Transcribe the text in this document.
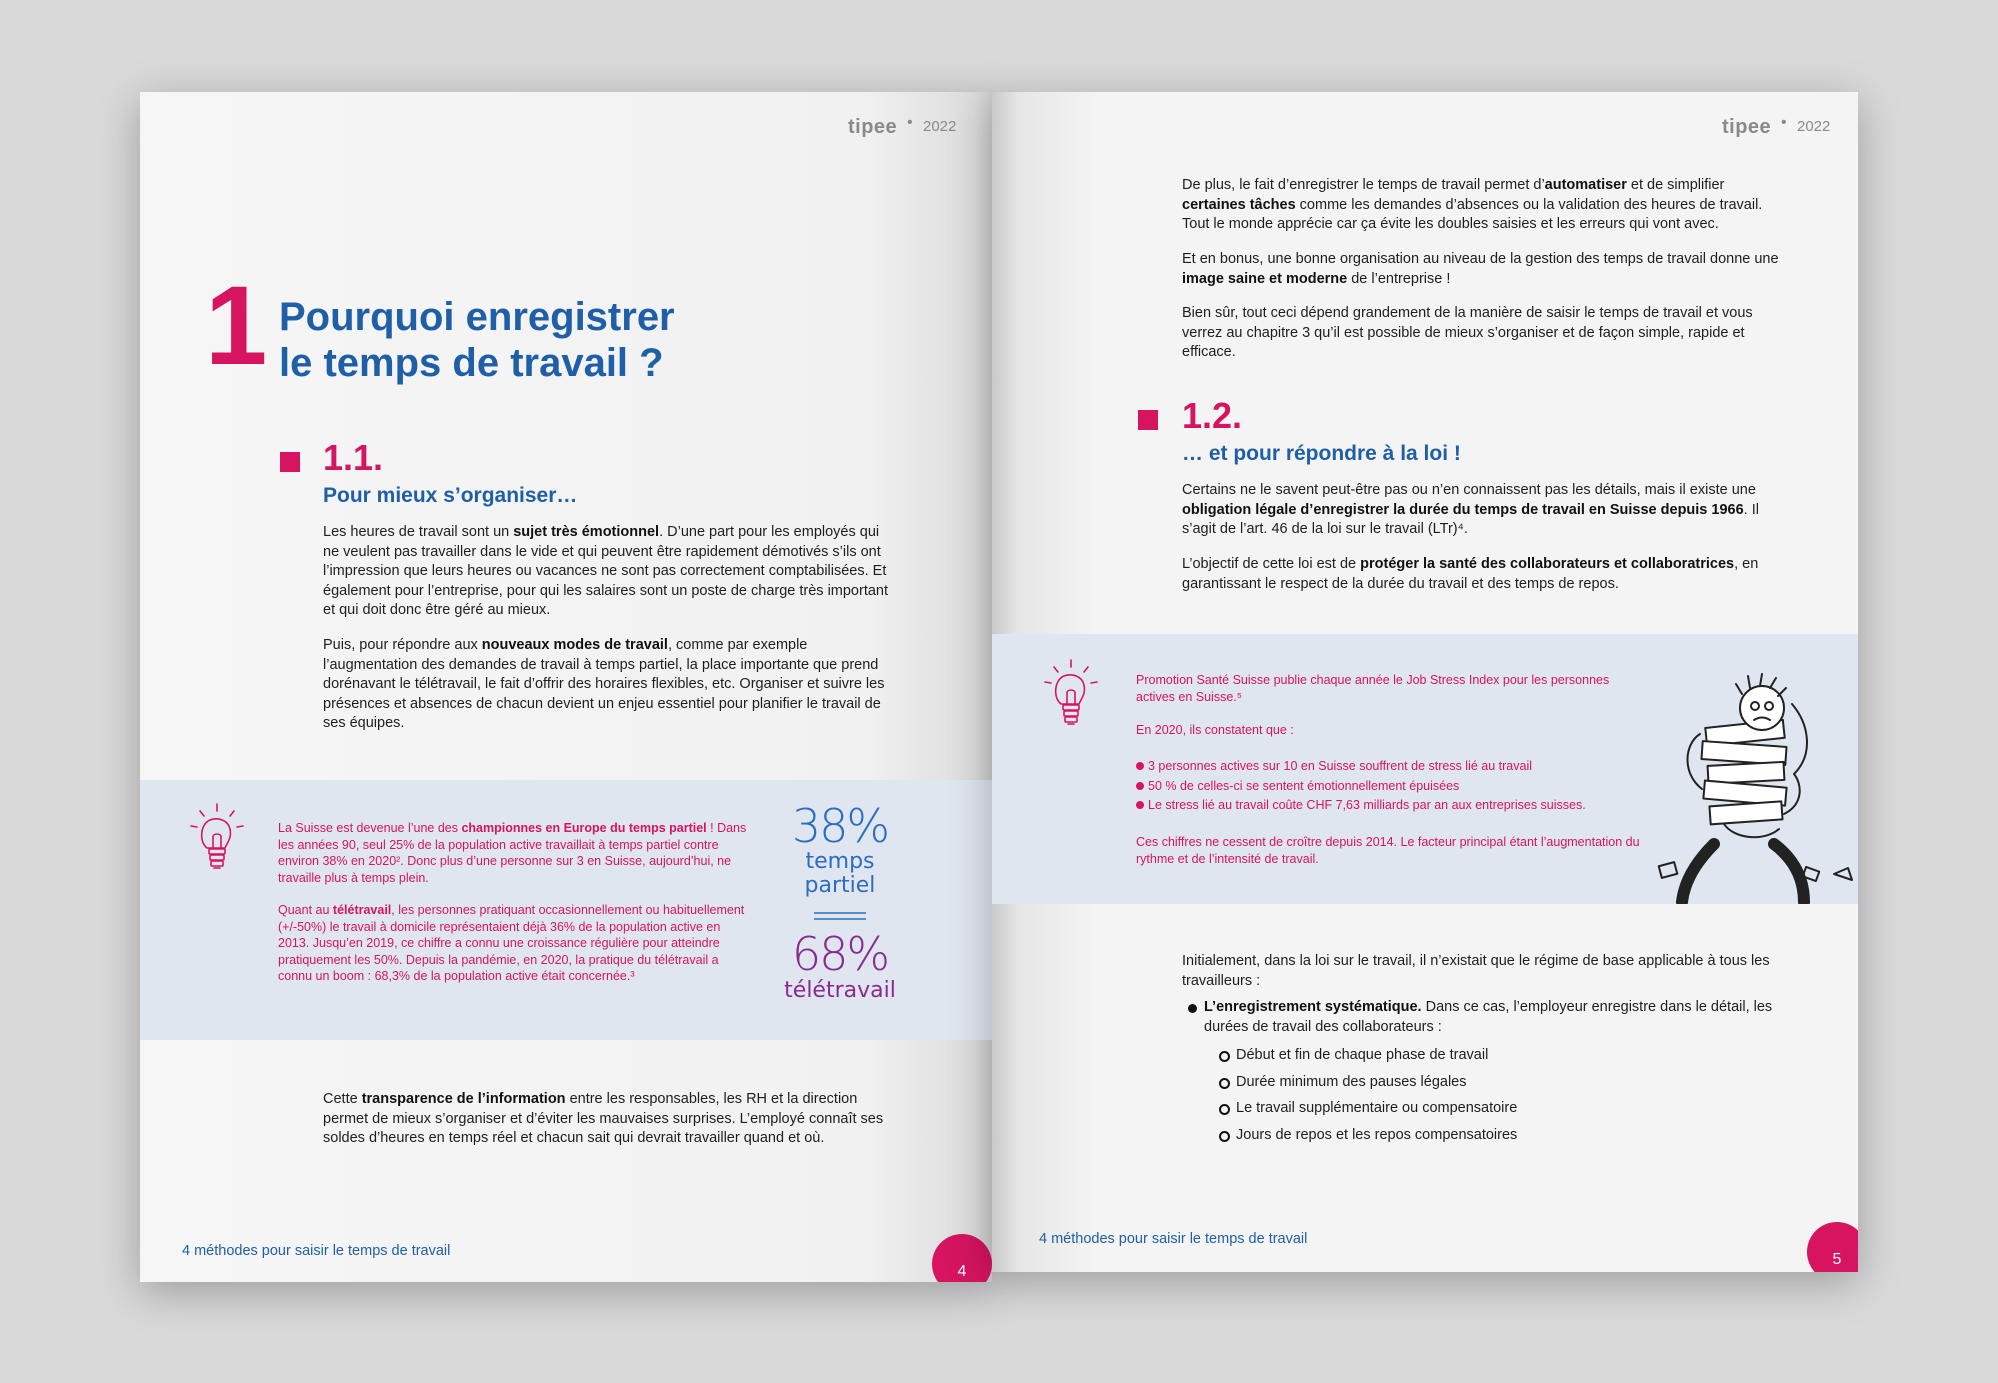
tipee • 2022
1 Pourquoi enregistrer
le temps de travail ?
1.1.
Pour mieux s’organiser…
Les heures de travail sont un sujet très émotionnel. D’une part pour les employés qui ne veulent pas travailler dans le vide et qui peuvent être rapidement démotivés s’ils ont l’impression que leurs heures ou vacances ne sont pas correctement comptabilisées. Et également pour l’entreprise, pour qui les salaires sont un poste de charge très important et qui doit donc être géré au mieux.
Puis, pour répondre aux nouveaux modes de travail, comme par exemple l’augmentation des demandes de travail à temps partiel, la place importante que prend dorénavant le télétravail, le fait d’offrir des horaires flexibles, etc. Organiser et suivre les présences et absences de chacun devient un enjeu essentiel pour planifier le travail de ses équipes.
La Suisse est devenue l’une des championnes en Europe du temps partiel ! Dans les années 90, seul 25% de la population active travaillait à temps partiel contre environ 38% en 2020². Donc plus d’une personne sur 3 en Suisse, aujourd’hui, ne travaille plus à temps plein.
Quant au télétravail, les personnes pratiquant occasionnellement ou habituellement (+/-50%) le travail à domicile représentaient déjà 36% de la population active en 2013. Jusqu’en 2019, ce chiffre a connu une croissance régulière pour atteindre pratiquement les 50%. Depuis la pandémie, en 2020, la pratique du télétravail a connu un boom : 68,3% de la population active était concernée.³
38%
temps
partiel
68%
télétravail
Cette transparence de l’information entre les responsables, les RH et la direction permet de mieux s’organiser et d’éviter les mauvaises surprises. L’employé connaît ses soldes d’heures en temps réel et chacun sait qui devrait travailler quand et où.
4 méthodes pour saisir le temps de travail
4
tipee • 2022
De plus, le fait d’enregistrer le temps de travail permet d’automatiser et de simplifier certaines tâches comme les demandes d’absences ou la validation des heures de travail. Tout le monde apprécie car ça évite les doubles saisies et les erreurs qui vont avec.
Et en bonus, une bonne organisation au niveau de la gestion des temps de travail donne une image saine et moderne de l’entreprise !
Bien sûr, tout ceci dépend grandement de la manière de saisir le temps de travail et vous verrez au chapitre 3 qu’il est possible de mieux s’organiser et de façon simple, rapide et efficace.
1.2.
… et pour répondre à la loi !
Certains ne le savent peut-être pas ou n’en connaissent pas les détails, mais il existe une obligation légale d’enregistrer la durée du temps de travail en Suisse depuis 1966. Il s’agit de l’art. 46 de la loi sur le travail (LTr)⁴.
L’objectif de cette loi est de protéger la santé des collaborateurs et collaboratrices, en garantissant le respect de la durée du travail et des temps de repos.
Promotion Santé Suisse publie chaque année le Job Stress Index pour les personnes actives en Suisse.⁵
En 2020, ils constatent que :
3 personnes actives sur 10 en Suisse souffrent de stress lié au travail
50 % de celles-ci se sentent émotionnellement épuisées
Le stress lié au travail coûte CHF 7,63 milliards par an aux entreprises suisses.
Ces chiffres ne cessent de croître depuis 2014. Le facteur principal étant l’augmentation du rythme et de l’intensité de travail.
Initialement, dans la loi sur le travail, il n’existait que le régime de base applicable à tous les travailleurs :
L’enregistrement systématique. Dans ce cas, l’employeur enregistre dans le détail, les durées de travail des collaborateurs :
Début et fin de chaque phase de travail
Durée minimum des pauses légales
Le travail supplémentaire ou compensatoire
Jours de repos et les repos compensatoires
4 méthodes pour saisir le temps de travail
5
